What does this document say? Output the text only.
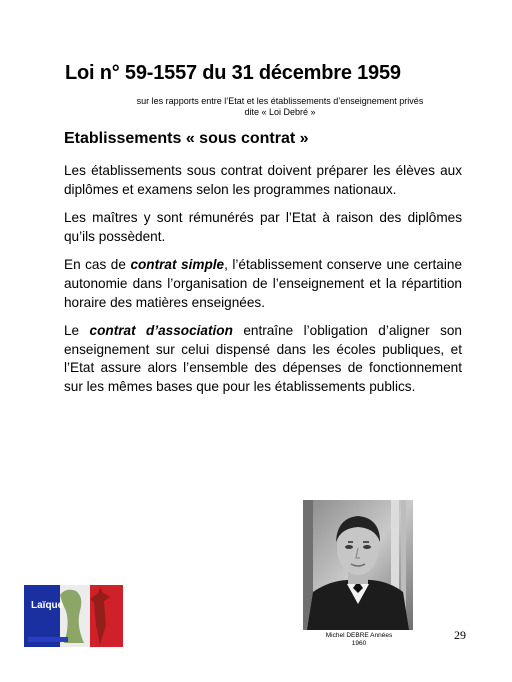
Loi n° 59-1557 du 31 décembre 1959
sur les rapports entre l’Etat et les établissements d’enseignement privés
dite « Loi Debré »
Etablissements « sous contrat »

Les établissements sous contrat doivent préparer les élèves aux diplômes et examens selon les programmes nationaux.

Les maîtres y sont rémunérés par l’Etat à raison des diplômes qu’ils possèdent.

En cas de contrat simple, l’établissement conserve une certaine autonomie dans l’organisation de l’enseignement et la répartition horaire des matières enseignées.

Le contrat d’association entraîne l’obligation d’aligner son enseignement sur celui dispensé dans les écoles publiques, et l’Etat assure alors l’ensemble des dépenses de fonctionnement sur les mêmes bases que pour les établissements publics.

Michel DEBRE Années
1960
29
Laïque
